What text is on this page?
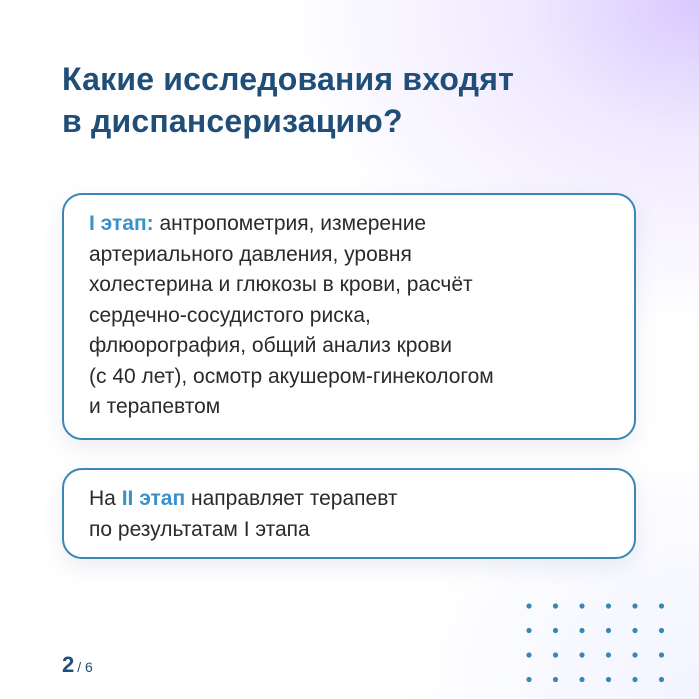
Какие исследования входят
в диспансеризацию?
I этап: антропометрия, измерение
артериального давления, уровня
холестерина и глюкозы в крови, расчёт
сердечно-сосудистого риска,
флюорография, общий анализ крови
(с 40 лет), осмотр акушером-гинекологом
и терапевтом
На II этап направляет терапевт
по результатам I этапа
2 / 6
